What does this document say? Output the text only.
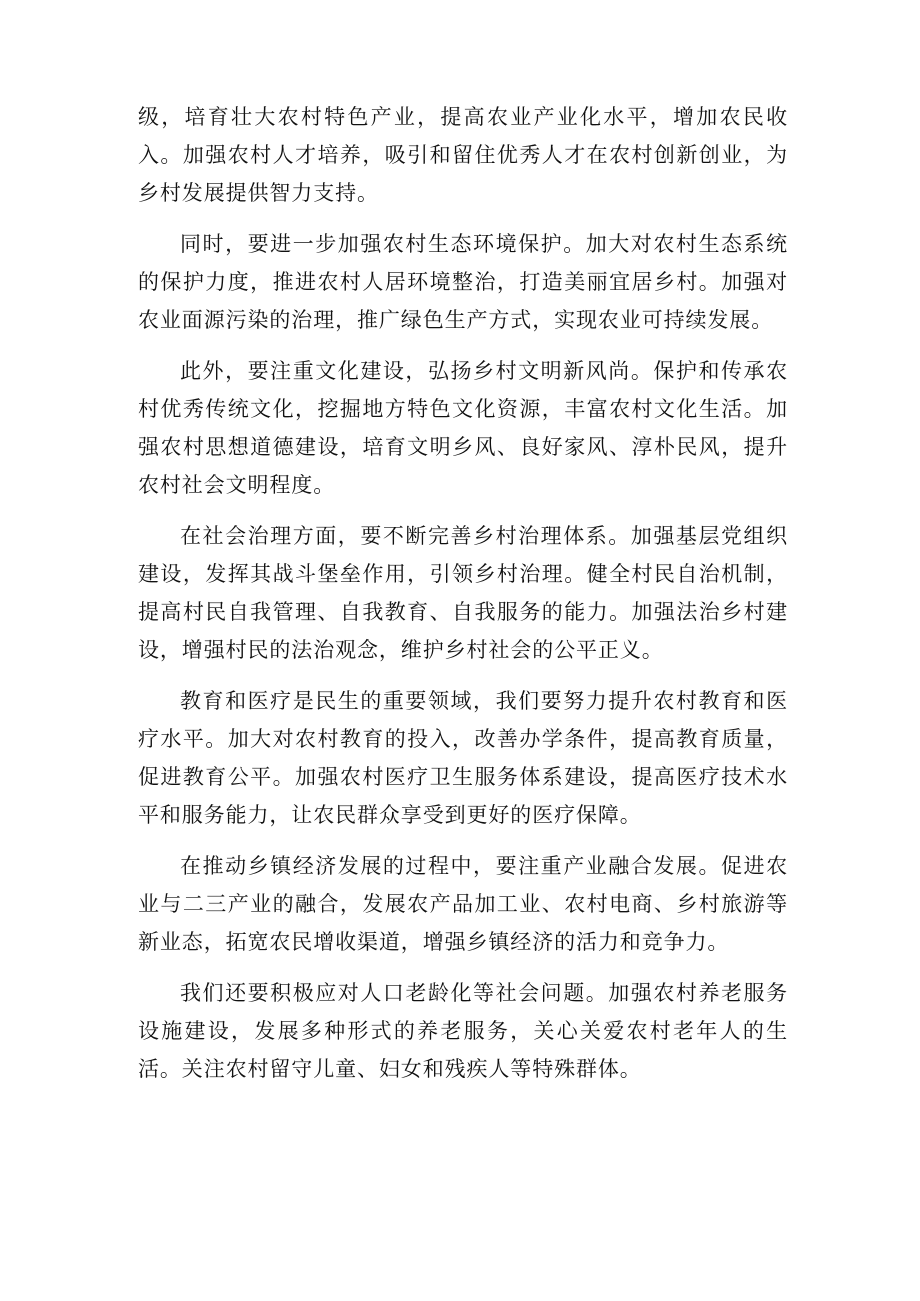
级，培育壮大农村特色产业，提高农业产业化水平，增加农民收入。加强农村人才培养，吸引和留住优秀人才在农村创新创业，为乡村发展提供智力支持。

同时，要进一步加强农村生态环境保护。加大对农村生态系统的保护力度，推进农村人居环境整治，打造美丽宜居乡村。加强对农业面源污染的治理，推广绿色生产方式，实现农业可持续发展。

此外，要注重文化建设，弘扬乡村文明新风尚。保护和传承农村优秀传统文化，挖掘地方特色文化资源，丰富农村文化生活。加强农村思想道德建设，培育文明乡风、良好家风、淳朴民风，提升农村社会文明程度。

在社会治理方面，要不断完善乡村治理体系。加强基层党组织建设，发挥其战斗堡垒作用，引领乡村治理。健全村民自治机制，提高村民自我管理、自我教育、自我服务的能力。加强法治乡村建设，增强村民的法治观念，维护乡村社会的公平正义。

教育和医疗是民生的重要领域，我们要努力提升农村教育和医疗水平。加大对农村教育的投入，改善办学条件，提高教育质量，促进教育公平。加强农村医疗卫生服务体系建设，提高医疗技术水平和服务能力，让农民群众享受到更好的医疗保障。

在推动乡镇经济发展的过程中，要注重产业融合发展。促进农业与二三产业的融合，发展农产品加工业、农村电商、乡村旅游等新业态，拓宽农民增收渠道，增强乡镇经济的活力和竞争力。

我们还要积极应对人口老龄化等社会问题。加强农村养老服务设施建设，发展多种形式的养老服务，关心关爱农村老年人的生活。关注农村留守儿童、妇女和残疾人等特殊群体。
